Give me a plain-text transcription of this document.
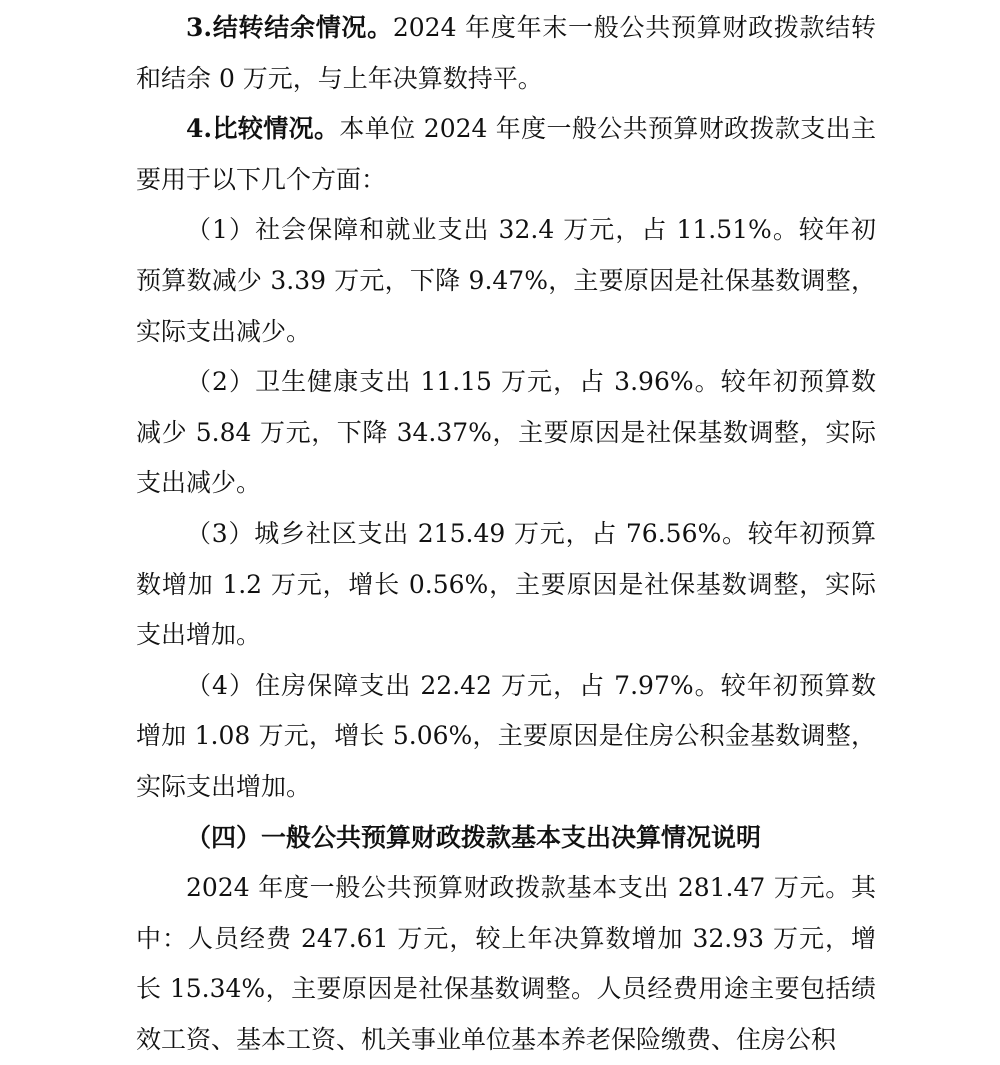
3.结转结余情况。2024 年度年末一般公共预算财政拨款结转和结余 0 万元，与上年决算数持平。

4.比较情况。本单位 2024 年度一般公共预算财政拨款支出主要用于以下几个方面：

（1）社会保障和就业支出 32.4 万元，占 11.51%。较年初预算数减少 3.39 万元，下降 9.47%，主要原因是社保基数调整，实际支出减少。

（2）卫生健康支出 11.15 万元，占 3.96%。较年初预算数减少 5.84 万元，下降 34.37%，主要原因是社保基数调整，实际支出减少。

（3）城乡社区支出 215.49 万元，占 76.56%。较年初预算数增加 1.2 万元，增长 0.56%，主要原因是社保基数调整，实际支出增加。

（4）住房保障支出 22.42 万元，占 7.97%。较年初预算数增加 1.08 万元，增长 5.06%，主要原因是住房公积金基数调整，实际支出增加。

（四）一般公共预算财政拨款基本支出决算情况说明

2024 年度一般公共预算财政拨款基本支出 281.47 万元。其中：人员经费 247.61 万元，较上年决算数增加 32.93 万元，增长 15.34%，主要原因是社保基数调整。人员经费用途主要包括绩效工资、基本工资、机关事业单位基本养老保险缴费、住房公积
